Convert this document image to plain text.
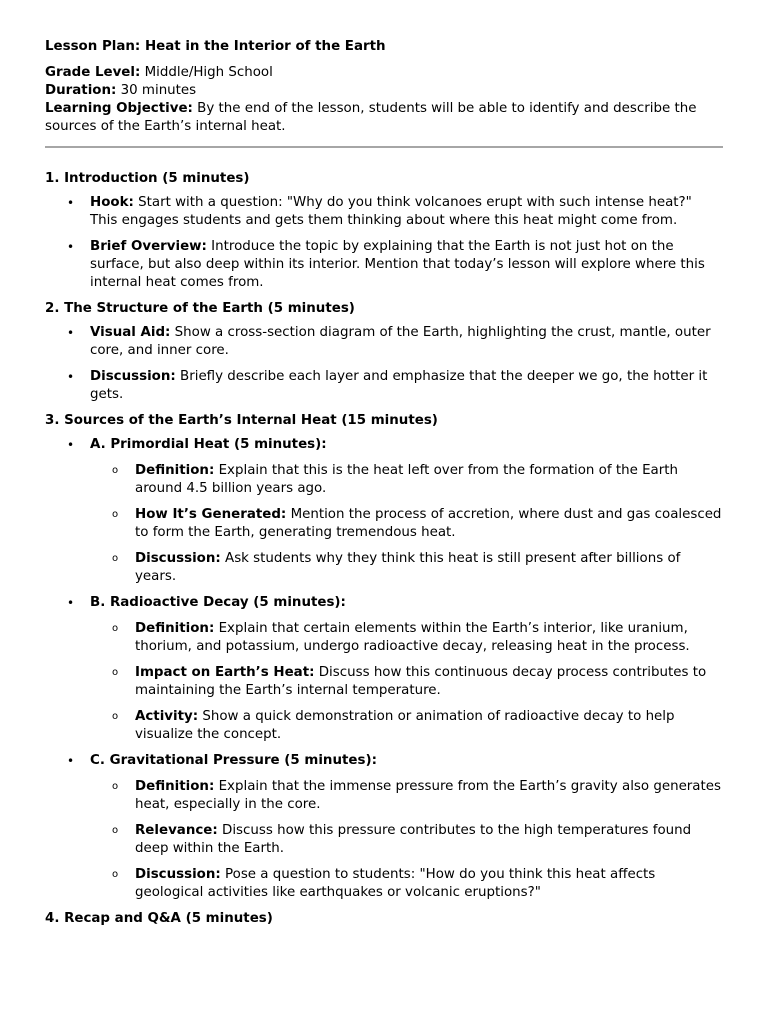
Lesson Plan: Heat in the Interior of the Earth

Grade Level: Middle/High School

Duration: 30 minutes

Learning Objective: By the end of the lesson, students will be able to identify and describe the sources of the Earth’s internal heat.

1. Introduction (5 minutes)
• Hook: Start with a question: "Why do you think volcanoes erupt with such intense heat?" This engages students and gets them thinking about where this heat might come from.
• Brief Overview: Introduce the topic by explaining that the Earth is not just hot on the surface, but also deep within its interior. Mention that today’s lesson will explore where this internal heat comes from.
2. The Structure of the Earth (5 minutes)
• Visual Aid: Show a cross-section diagram of the Earth, highlighting the crust, mantle, outer core, and inner core.
• Discussion: Briefly describe each layer and emphasize that the deeper we go, the hotter it gets.
3. Sources of the Earth’s Internal Heat (15 minutes)
• A. Primordial Heat (5 minutes):
o Definition: Explain that this is the heat left over from the formation of the Earth around 4.5 billion years ago.
o How It’s Generated: Mention the process of accretion, where dust and gas coalesced to form the Earth, generating tremendous heat.
o Discussion: Ask students why they think this heat is still present after billions of years.
• B. Radioactive Decay (5 minutes):
o Definition: Explain that certain elements within the Earth’s interior, like uranium, thorium, and potassium, undergo radioactive decay, releasing heat in the process.
o Impact on Earth’s Heat: Discuss how this continuous decay process contributes to maintaining the Earth’s internal temperature.
o Activity: Show a quick demonstration or animation of radioactive decay to help visualize the concept.
• C. Gravitational Pressure (5 minutes):
o Definition: Explain that the immense pressure from the Earth’s gravity also generates heat, especially in the core.
o Relevance: Discuss how this pressure contributes to the high temperatures found deep within the Earth.
o Discussion: Pose a question to students: "How do you think this heat affects geological activities like earthquakes or volcanic eruptions?"
4. Recap and Q&A (5 minutes)
